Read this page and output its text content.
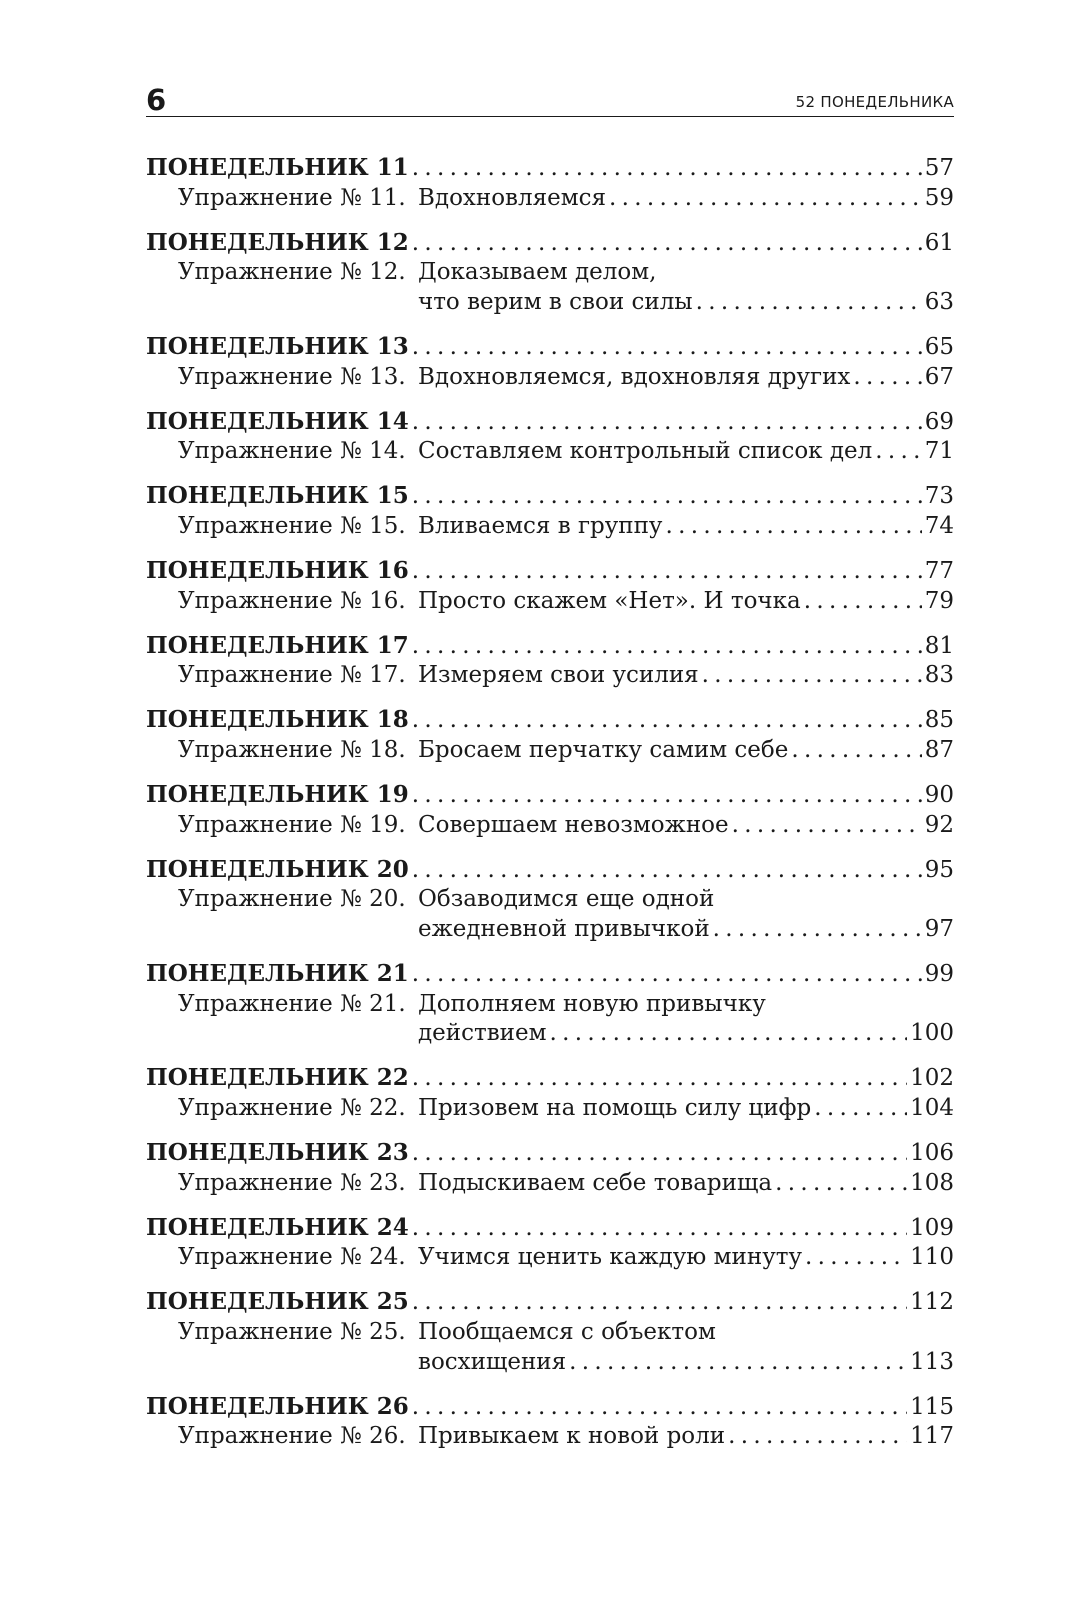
6	52 ПОНЕДЕЛЬНИКА
ПОНЕДЕЛЬНИК 11 . . .	57
Упражнение № 11. Вдохновляемся . . .	59
ПОНЕДЕЛЬНИК 12 . . .	61
Упражнение № 12. Доказываем делом,
что верим в свои силы . . .	63
ПОНЕДЕЛЬНИК 13 . . .	65
Упражнение № 13. Вдохновляемся, вдохновляя других . . .	67
ПОНЕДЕЛЬНИК 14 . . .	69
Упражнение № 14. Составляем контрольный список дел . . . 71
ПОНЕДЕЛЬНИК 15 . . .	73
Упражнение № 15. Вливаемся в группу . . .	74
ПОНЕДЕЛЬНИК 16 . . .	77
Упражнение № 16. Просто скажем «Нет». И точка . . .	79
ПОНЕДЕЛЬНИК 17 . . .	81
Упражнение № 17. Измеряем свои усилия . . .	83
ПОНЕДЕЛЬНИК 18 . . .	85
Упражнение № 18. Бросаем перчатку самим себе . . .	87
ПОНЕДЕЛЬНИК 19 . . .	90
Упражнение № 19. Совершаем невозможное . . .	92
ПОНЕДЕЛЬНИК 20 . . .	95
Упражнение № 20. Обзаводимся еще одной
ежедневной привычкой . . .	97
ПОНЕДЕЛЬНИК 21 . . .	99
Упражнение № 21. Дополняем новую привычку
действием . . .	100
ПОНЕДЕЛЬНИК 22 . . .	102
Упражнение № 22. Призовем на помощь силу цифр . . .	104
ПОНЕДЕЛЬНИК 23 . . .	106
Упражнение № 23. Подыскиваем себе товарища . . .	108
ПОНЕДЕЛЬНИК 24 . . .	109
Упражнение № 24. Учимся ценить каждую минуту . . .	110
ПОНЕДЕЛЬНИК 25 . . .	112
Упражнение № 25. Пообщаемся с объектом
восхищения . . .	113
ПОНЕДЕЛЬНИК 26 . . .	115
Упражнение № 26. Привыкаем к новой роли . . .	117
